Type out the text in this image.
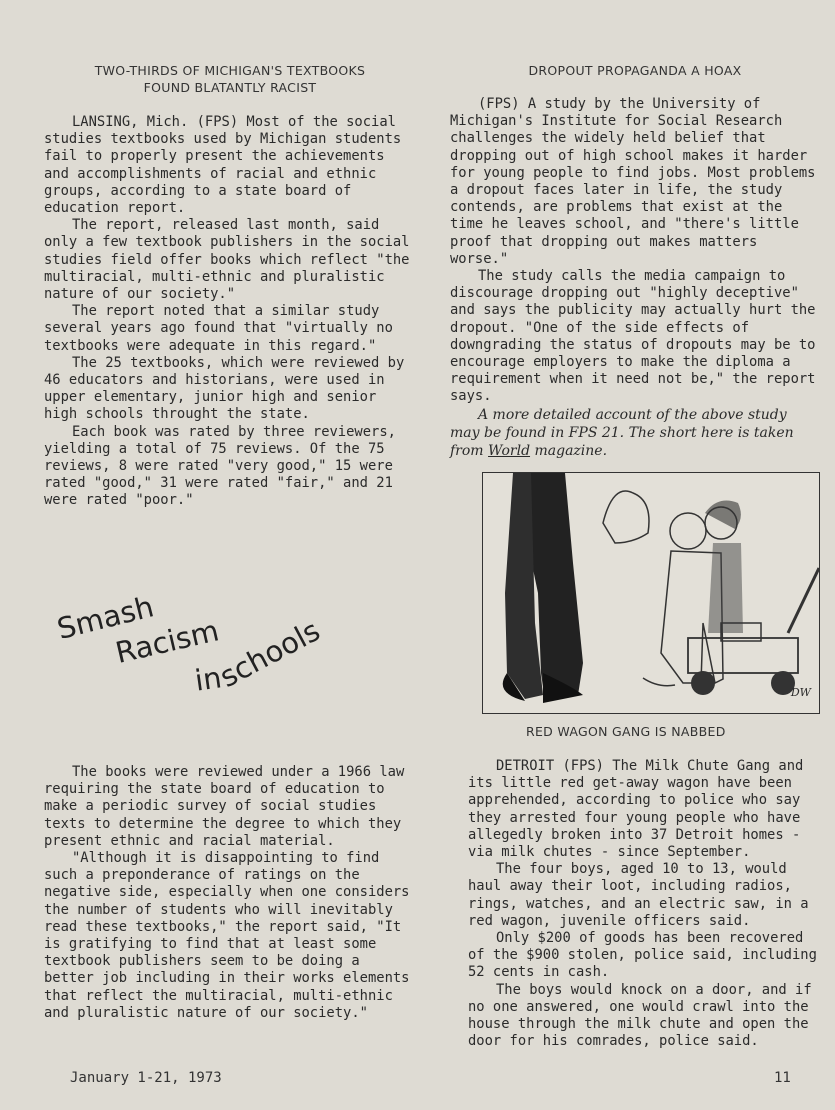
TWO-THIRDS OF MICHIGAN'S TEXTBOOKS
FOUND BLATANTLY RACIST

LANSING, Mich. (FPS) Most of the social studies textbooks used by Michigan students fail to properly present the achievements and accomplishments of racial and ethnic groups, according to a state board of education report.

The report, released last month, said only a few textbook publishers in the social studies field offer books which reflect "the multiracial, multi-ethnic and pluralistic nature of our society."

The report noted that a similar study several years ago found that "virtually no textbooks were adequate in this regard."

The 25 textbooks, which were reviewed by 46 educators and historians, were used in upper elementary, junior high and senior high schools throught the state.

Each book was rated by three reviewers, yielding a total of 75 reviews. Of the 75 reviews, 8 were rated "very good," 15 were rated "good," 31 were rated "fair," and 21 were rated "poor."

Smash
Racism
in
schools

The books were reviewed under a 1966 law requiring the state board of education to make a periodic survey of social studies texts to determine the degree to which they present ethnic and racial material.

"Although it is disappointing to find such a preponderance of ratings on the negative side, especially when one considers the number of students who will inevitably read these textbooks," the report said, "It is gratifying to find that at least some textbook publishers seem to be doing a better job including in their works elements that reflect the multiracial, multi-ethnic and pluralistic nature of our society."

January 1-21, 1973
DROPOUT PROPAGANDA A HOAX

(FPS) A study by the University of Michigan's Institute for Social Research challenges the widely held belief that dropping out of high school makes it harder for young people to find jobs. Most problems a dropout faces later in life, the study contends, are problems that exist at the time he leaves school, and "there's little proof that dropping out makes matters worse."

The study calls the media campaign to discourage dropping out "highly deceptive" and says the publicity may actually hurt the dropout. "One of the side effects of downgrading the status of dropouts may be to encourage employers to make the diploma a requirement when it need not be," the report says.

A more detailed account of the above study may be found in FPS 21. The short here is taken from World magazine.

DW
RED WAGON GANG IS NABBED

DETROIT (FPS) The Milk Chute Gang and its little red get-away wagon have been apprehended, according to police who say they arrested four young people who have allegedly broken into 37 Detroit homes - via milk chutes - since September.

The four boys, aged 10 to 13, would haul away their loot, including radios, rings, watches, and an electric saw, in a red wagon, juvenile officers said.

Only $200 of goods has been recovered of the $900 stolen, police said, including 52 cents in cash.

The boys would knock on a door, and if no one answered, one would crawl into the house through the milk chute and open the door for his comrades, police said.

11
